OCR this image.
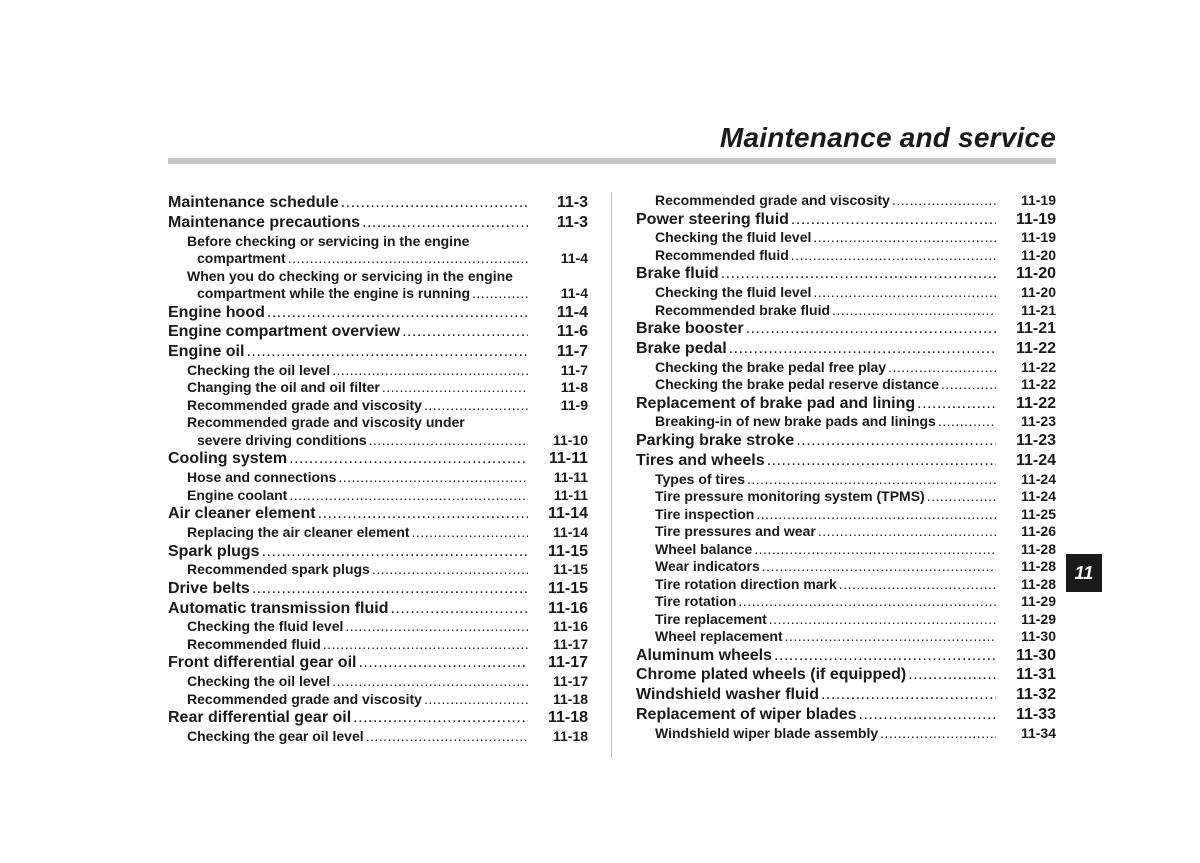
Maintenance and service
Maintenance schedule .....	11-3
Maintenance precautions .....	11-3
Before checking or servicing in the engine
compartment .....	11-4
When you do checking or servicing in the engine
compartment while the engine is running .....	11-4
Engine hood .....	11-4
Engine compartment overview .....	11-6
Engine oil .....	11-7
Checking the oil level .....	11-7
Changing the oil and oil filter .....	11-8
Recommended grade and viscosity .....	11-9
Recommended grade and viscosity under
severe driving conditions .....	11-10
Cooling system .....	11-11
Hose and connections .....	11-11
Engine coolant .....	11-11
Air cleaner element .....	11-14
Replacing the air cleaner element .....	11-14
Spark plugs .....	11-15
Recommended spark plugs .....	11-15
Drive belts .....	11-15
Automatic transmission fluid .....	11-16
Checking the fluid level .....	11-16
Recommended fluid .....	11-17
Front differential gear oil .....	11-17
Checking the oil level .....	11-17
Recommended grade and viscosity .....	11-18
Rear differential gear oil .....	11-18
Checking the gear oil level .....	11-18
Recommended grade and viscosity .....	11-19
Power steering fluid .....	11-19
Checking the fluid level .....	11-19
Recommended fluid .....	11-20
Brake fluid .....	11-20
Checking the fluid level .....	11-20
Recommended brake fluid .....	11-21
Brake booster .....	11-21
Brake pedal .....	11-22
Checking the brake pedal free play .....	11-22
Checking the brake pedal reserve distance .....	11-22
Replacement of brake pad and lining .....	11-22
Breaking-in of new brake pads and linings .....	11-23
Parking brake stroke .....	11-23
Tires and wheels .....	11-24
Types of tires .....	11-24
Tire pressure monitoring system (TPMS) .....	11-24
Tire inspection .....	11-25
Tire pressures and wear .....	11-26
Wheel balance .....	11-28
Wear indicators .....	11-28
Tire rotation direction mark .....	11-28
Tire rotation .....	11-29
Tire replacement .....	11-29
Wheel replacement .....	11-30
Aluminum wheels .....	11-30
Chrome plated wheels (if equipped) .....	11-31
Windshield washer fluid .....	11-32
Replacement of wiper blades .....	11-33
Windshield wiper blade assembly .....	11-34
11
